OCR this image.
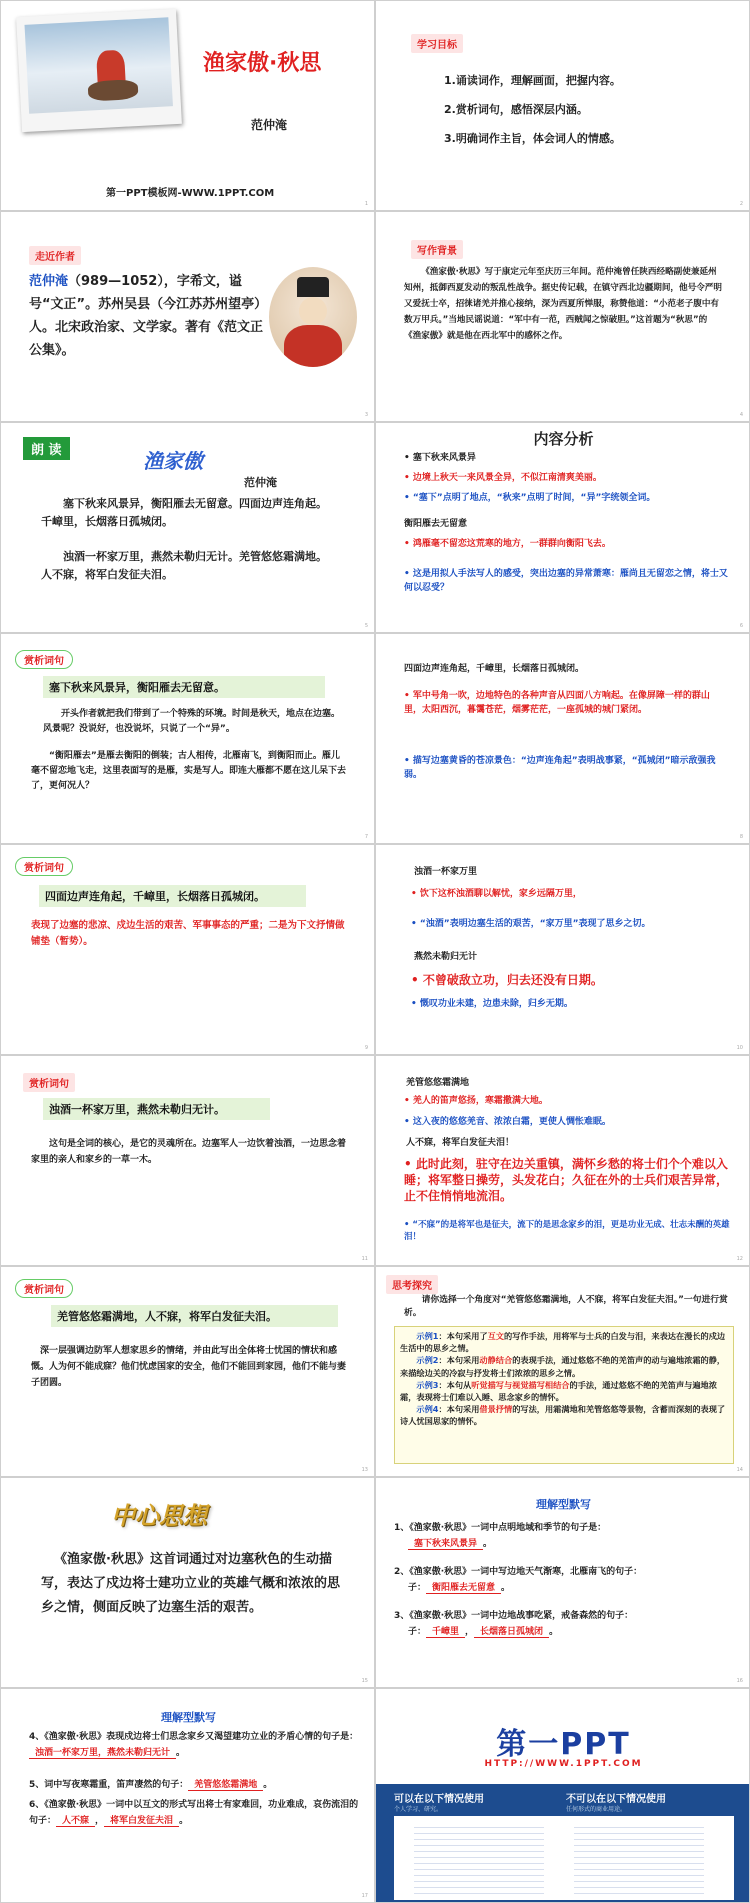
渔家傲·秋思
范仲淹
第一PPT模板网-WWW.1PPT.COM
1
学习目标
1.诵读词作，理解画面，把握内容。
2.赏析词句，感悟深层内涵。
3.明确词作主旨，体会词人的情感。
2
走近作者
范仲淹（989—1052），字希文，谥号“文正”。苏州吴县（今江苏苏州望亭）人。北宋政治家、文学家。著有《范文正公集》。
3
写作背景
《渔家傲·秋思》写于康定元年至庆历三年间。范仲淹曾任陕西经略副使兼延州知州，抵御西夏发动的叛乱性战争。据史传记载，在镇守西北边疆期间，他号令严明又爱抚士卒，招徕诸羌并推心接纳，深为西夏所惮服，称赞他道：“小范老子腹中有数万甲兵。”当地民谣说道：“军中有一范，西贼闻之惊破胆。”这首题为“秋思”的《渔家傲》就是他在西北军中的感怀之作。
4
朗 读	渔家傲
范仲淹
塞下秋来风景异，衡阳雁去无留意。四面边声连角起。千嶂里，长烟落日孤城闭。
浊酒一杯家万里，燕然未勒归无计。羌管悠悠霜满地。人不寐，将军白发征夫泪。
5
内容分析
• 塞下秋来风景异
• 边境上秋天一来风景全异，不似江南清爽美丽。
• “塞下”点明了地点，“秋来”点明了时间，“异”字统领全词。
衡阳雁去无留意
• 鸿雁毫不留恋这荒寒的地方，一群群向衡阳飞去。
• 这是用拟人手法写人的感受，突出边塞的异常萧寒：雁尚且无留恋之情，将士又何以忍受？
6
赏析词句
塞下秋来风景异，衡阳雁去无留意。
开头作者就把我们带到了一个特殊的环境。时间是秋天，地点在边塞。风景呢？没说好，也没说坏，只说了一个“异”。
“衡阳雁去”是雁去衡阳的倒装；古人相传，北雁南飞，到衡阳而止。雁儿毫不留恋地飞走，这里表面写的是雁，实是写人。即连大雁都不愿在这儿呆下去了，更何况人？
7
四面边声连角起，千嶂里，长烟落日孤城闭。
• 军中号角一吹，边地特色的各种声音从四面八方响起。在像屏障一样的群山里，太阳西沉，暮霭苍茫，烟雾茫茫，一座孤城的城门紧闭。
• 描写边塞黄昏的苍凉景色：“边声连角起”表明战事紧，“孤城闭”暗示敌强我弱。
8
赏析词句
四面边声连角起，千嶂里，长烟落日孤城闭。
表现了边塞的悲凉、戍边生活的艰苦、军事事态的严重；二是为下文抒情做铺垫（暂势）。
9
浊酒一杯家万里
• 饮下这杯浊酒聊以解忧，家乡远隔万里，
• “浊酒”表明边塞生活的艰苦，“家万里”表现了思乡之切。
燕然未勒归无计
• 不曾破敌立功，归去还没有日期。
• 慨叹功业未建，边患未除，归乡无期。
10
赏析词句
浊酒一杯家万里，燕然未勒归无计。
这句是全词的核心，是它的灵魂所在。边塞军人一边饮着浊酒，一边思念着家里的亲人和家乡的一草一木。
11
羌管悠悠霜满地
• 羌人的笛声悠扬，寒霜撒满大地。
• 这入夜的悠悠羌音、浓浓白霜，更使人惆怅难眠。
人不寐，将军白发征夫泪！
• 此时此刻，驻守在边关重镇，满怀乡愁的将士们个个难以入睡；将军整日操劳，头发花白；久征在外的士兵们艰苦异常，止不住悄悄地流泪。
• “不寐”的是将军也是征夫，流下的是思念家乡的泪，更是功业无成、壮志未酬的英雄泪！
12
赏析词句
羌管悠悠霜满地，人不寐，将军白发征夫泪。
深一层强调边防军人想家思乡的情绪，并由此写出全体将士忧国的情状和感慨。人为何不能成寐？他们忧虑国家的安全，他们不能回到家园，他们不能与妻子团圆。
13
思考探究
请你选择一个角度对“羌管悠悠霜满地，人不寐，将军白发征夫泪。”一句进行赏析。
示例1：本句采用了互文的写作手法，用将军与士兵的白发与泪，来表达在漫长的戍边生活中的思乡之情。
示例2：本句采用动静结合的表现手法，通过悠悠不绝的羌笛声的动与遍地浓霜的静，来描绘边关的冷寂与抒发将士们浓浓的思乡之情。
示例3：本句从听觉描写与视觉描写相结合的手法，通过悠悠不绝的羌笛声与遍地浓霜，表现将士们难以入睡、思念家乡的情怀。
示例4：本句采用借景抒情的写法，用霜满地和羌管悠悠等景物，含蓄而深刻的表现了诗人忧国思家的情怀。
14
中心思想
《渔家傲·秋思》这首词通过对边塞秋色的生动描写，表达了戍边将士建功立业的英雄气概和浓浓的思乡之情，侧面反映了边塞生活的艰苦。
15
理解型默写
1、《渔家傲·秋思》一词中点明地域和季节的句子是：
塞下秋来风景异 。
2、《渔家傲·秋思》一词中写边地天气渐寒，北雁南飞的句子：
子： 衡阳雁去无留意 。
3、《渔家傲·秋思》一词中边地战事吃紧，戒备森然的句子：
子： 千嶂里 ， 长烟落日孤城闭 。
16
理解型默写
4、《渔家傲·秋思》表现戍边将士们思念家乡又渴望建功立业的矛盾心情的句子是：浊酒一杯家万里，燕然未勒归无计 。
5、词中写夜寒霜重，笛声凄然的句子： 羌管悠悠霜满地 。
6、《渔家傲·秋思》一词中以互文的形式写出将士有家难回，功业难成，哀伤流泪的句子： 人不寐 ， 将军白发征夫泪 。
17
第一PPT
HTTP://WWW.1PPT.COM
可以在以下情况使用
个人学习、研究。
不可以在以下情况使用
任何形式的商业用途。
